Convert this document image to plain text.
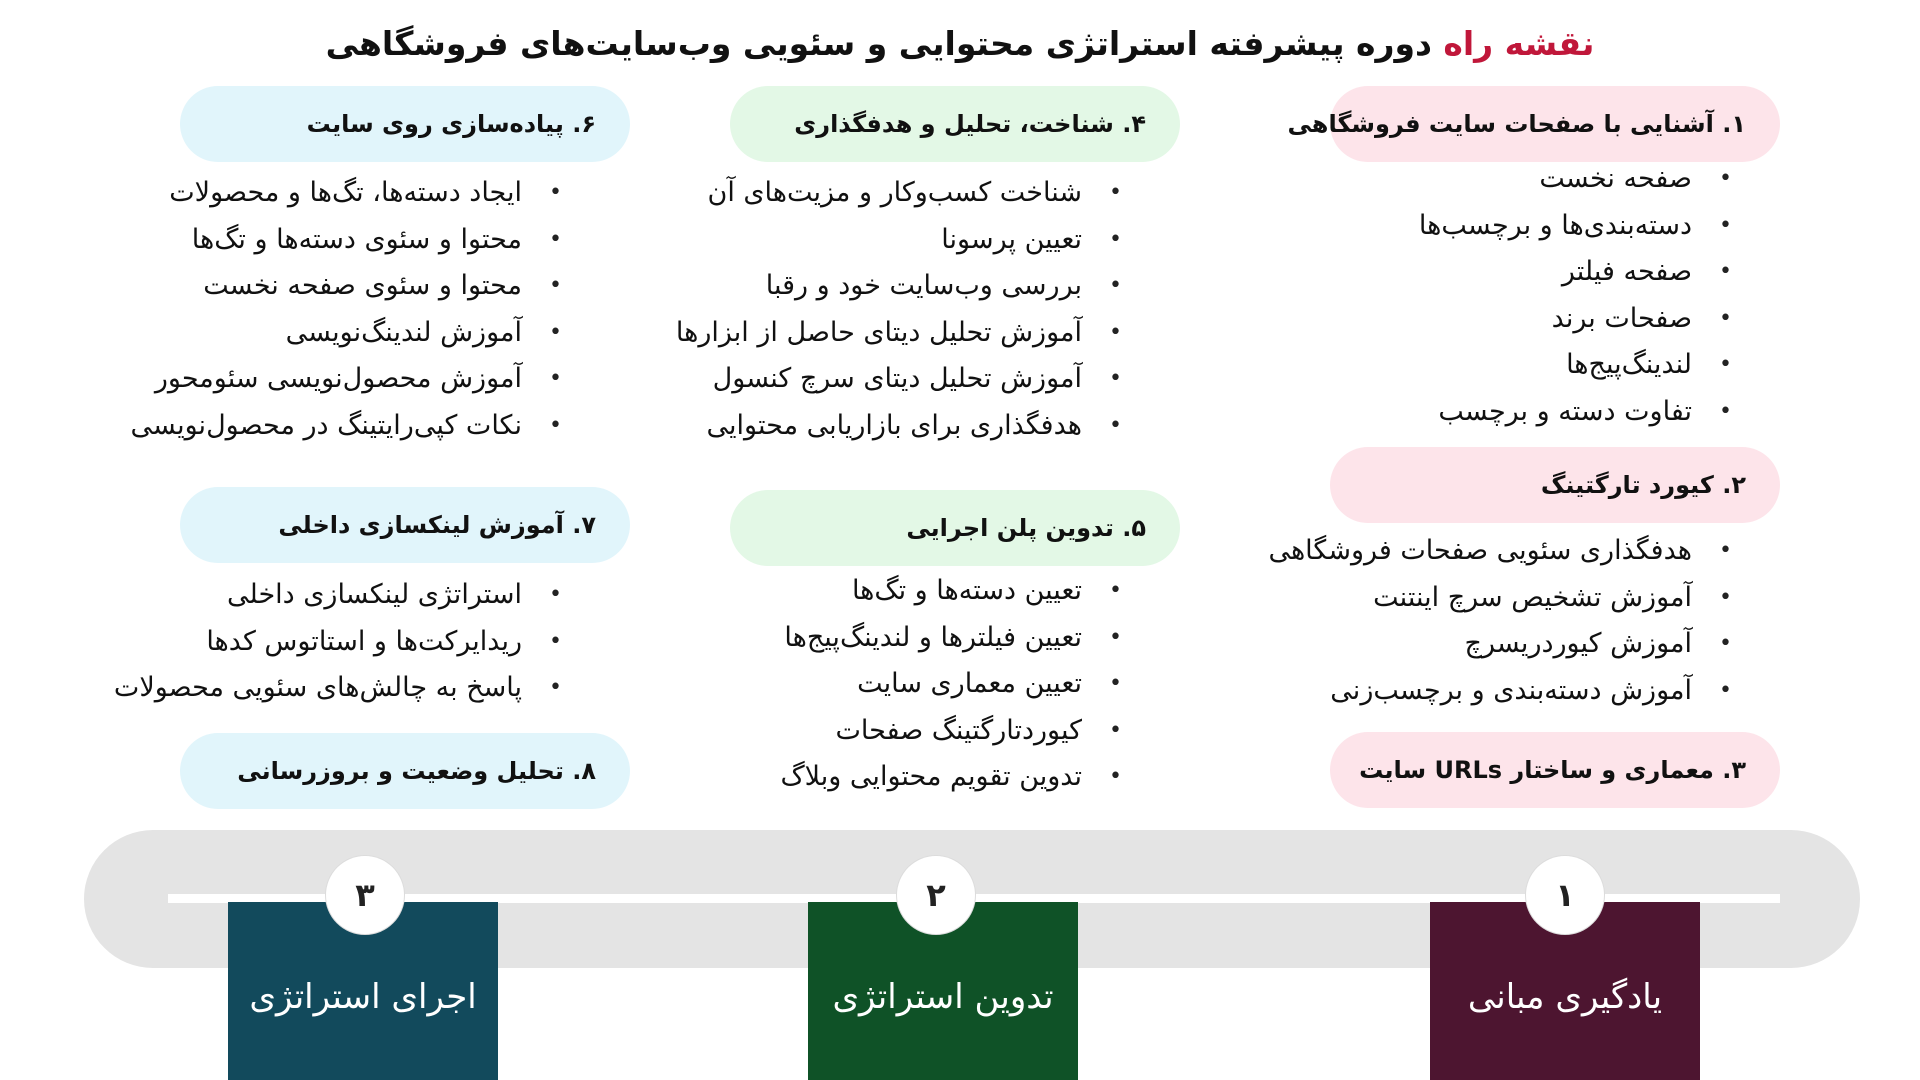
نقشه راه دوره پیشرفته استراتژی محتوایی و سئویی وب‌سایت‌های فروشگاهی
۱. آشنایی با صفحات سایت فروشگاهی
• صفحه نخست
• دسته‌بندی‌ها و برچسب‌ها
• صفحه فیلتر
• صفحات برند
• لندینگ‌پیج‌ها
• تفاوت دسته و برچسب
۲. کیورد تارگتینگ
• هدفگذاری سئویی صفحات فروشگاهی
• آموزش تشخیص سرچ اینتنت
• آموزش کیوردریسرچ
• آموزش دسته‌بندی و برچسب‌زنی
۳. معماری و ساختار URLs سایت
۴. شناخت، تحلیل و هدفگذاری
• شناخت کسب‌وکار و مزیت‌های آن
• تعیین پرسونا
• بررسی وب‌سایت خود و رقبا
• آموزش تحلیل دیتای حاصل از ابزارها
• آموزش تحلیل دیتای سرچ کنسول
• هدفگذاری برای بازاریابی محتوایی
۵. تدوین پلن اجرایی
• تعیین دسته‌ها و تگ‌ها
• تعیین فیلترها و لندینگ‌پیج‌ها
• تعیین معماری سایت
• کیوردتارگتینگ صفحات
• تدوین تقویم محتوایی وبلاگ
۶. پیاده‌سازی روی سایت
• ایجاد دسته‌ها، تگ‌ها و محصولات
• محتوا و سئوی دسته‌ها و تگ‌ها
• محتوا و سئوی صفحه نخست
• آموزش لندینگ‌نویسی
• آموزش محصول‌نویسی سئومحور
• نکات کپی‌رایتینگ در محصول‌نویسی
۷. آموزش لینکسازی داخلی
• استراتژی لینکسازی داخلی
• ریدایرکت‌ها و استاتوس کدها
• پاسخ به چالش‌های سئویی محصولات
۸. تحلیل وضعیت و بروزرسانی
یادگیری مبانی
تدوین استراتژی
اجرای استراتژی
۱
۲
۳
